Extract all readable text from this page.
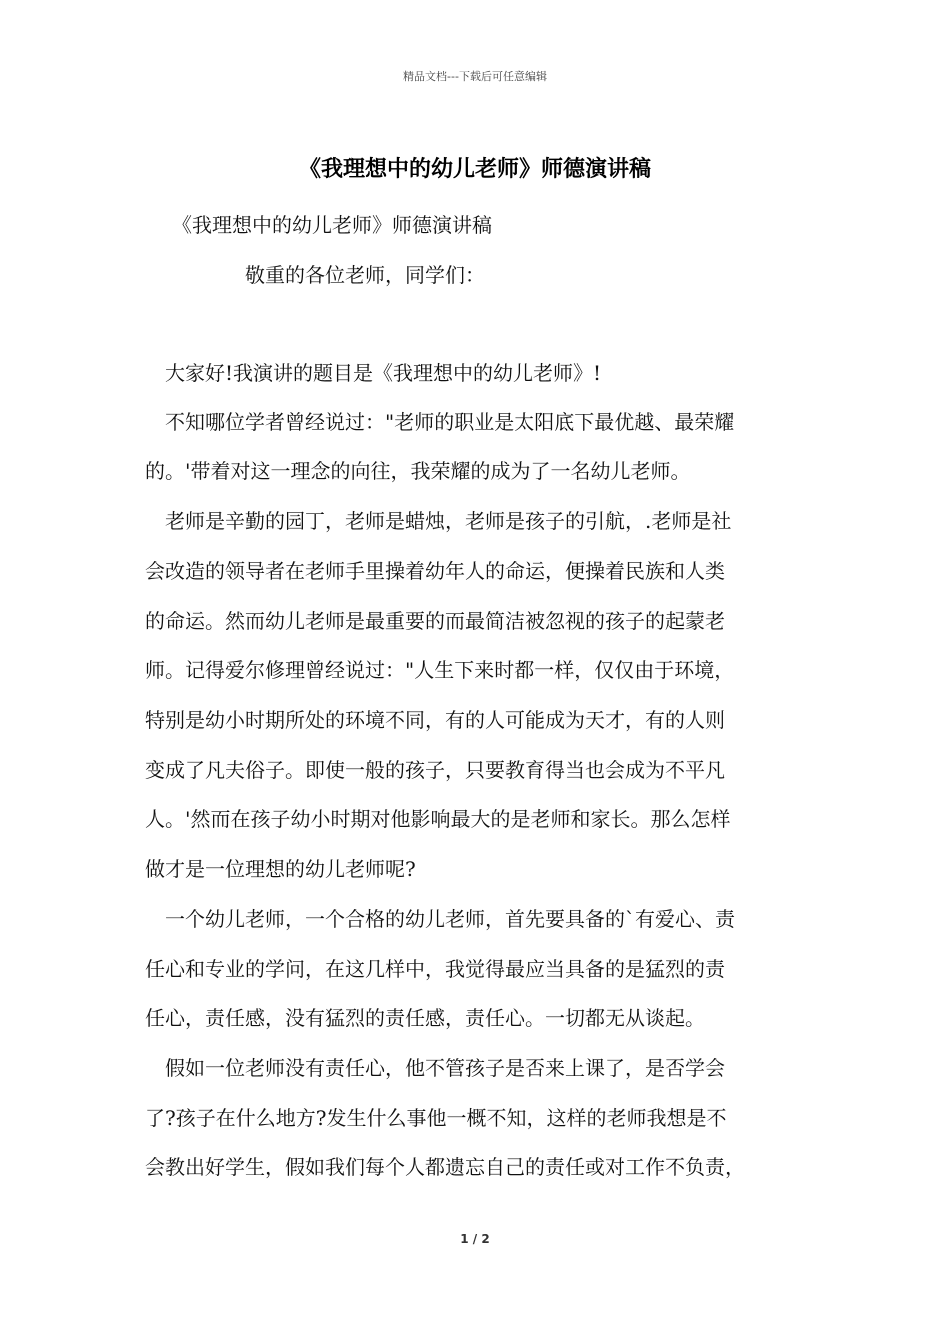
精品文档---下载后可任意编辑
《我理想中的幼儿老师》师德演讲稿
《我理想中的幼儿老师》师德演讲稿
敬重的各位老师，同学们：
大家好!我演讲的题目是《我理想中的幼儿老师》!
不知哪位学者曾经说过："老师的职业是太阳底下最优越、最荣耀
的。'带着对这一理念的向往，我荣耀的成为了一名幼儿老师。
老师是辛勤的园丁，老师是蜡烛，老师是孩子的引航，.老师是社
会改造的领导者在老师手里操着幼年人的命运，便操着民族和人类
的命运。然而幼儿老师是最重要的而最简洁被忽视的孩子的起蒙老
师。记得爱尔修理曾经说过："人生下来时都一样，仅仅由于环境，
特别是幼小时期所处的环境不同，有的人可能成为天才，有的人则
变成了凡夫俗子。即使一般的孩子，只要教育得当也会成为不平凡
人。'然而在孩子幼小时期对他影响最大的是老师和家长。那么怎样
做才是一位理想的幼儿老师呢?
一个幼儿老师，一个合格的幼儿老师，首先要具备的`有爱心、责
任心和专业的学问，在这几样中，我觉得最应当具备的是猛烈的责
任心，责任感，没有猛烈的责任感，责任心。一切都无从谈起。
假如一位老师没有责任心，他不管孩子是否来上课了，是否学会
了?孩子在什么地方?发生什么事他一概不知，这样的老师我想是不
会教出好学生，假如我们每个人都遗忘自己的责任或对工作不负责，
1 / 2
